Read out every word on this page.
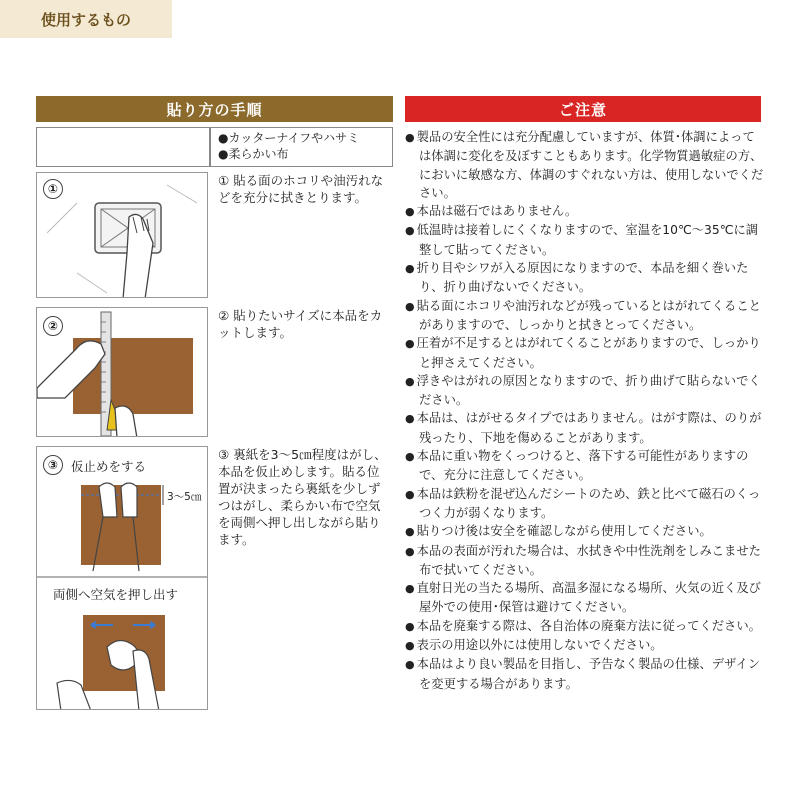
貼り方の手順	ご注意
使用するもの
●カッターナイフやハサミ
●柔らかい布
①
① 貼る面のホコリや油汚れなどを充分に拭きとります。
②
② 貼りたいサイズに本品をカットします。
③	仮止めをする
3～5㎝
両側へ空気を押し出す
③ 裏紙を3～5㎝程度はがし、本品を仮止めします。貼る位置が決まったら裏紙を少しずつはがし、柔らかい布で空気を両側へ押し出しながら貼ります。
● 製品の安全性には充分配慮していますが、体質･体調によっては体調に変化を及ぼすこともあります。化学物質過敏症の方、においに敏感な方、体調のすぐれない方は、使用しないでください。
● 本品は磁石ではありません。
● 低温時は接着しにくくなりますので、室温を10℃～35℃に調整して貼ってください。
● 折り目やシワが入る原因になりますので、本品を細く巻いたり、折り曲げないでください。
● 貼る面にホコリや油汚れなどが残っているとはがれてくることがありますので、しっかりと拭きとってください。
● 圧着が不足するとはがれてくることがありますので、しっかりと押さえてください。
● 浮きやはがれの原因となりますので、折り曲げて貼らないでください。
● 本品は、はがせるタイプではありません。はがす際は、のりが残ったり、下地を傷めることがあります。
● 本品に重い物をくっつけると、落下する可能性がありますので、充分に注意してください。
● 本品は鉄粉を混ぜ込んだシートのため、鉄と比べて磁石のくっつく力が弱くなります。
● 貼りつけ後は安全を確認しながら使用してください。
● 本品の表面が汚れた場合は、水拭きや中性洗剤をしみこませた布で拭いてください。
● 直射日光の当たる場所、高温多湿になる場所、火気の近く及び屋外での使用･保管は避けてください。
● 本品を廃棄する際は、各自治体の廃棄方法に従ってください。
● 表示の用途以外には使用しないでください。
● 本品はより良い製品を目指し、予告なく製品の仕様、デザインを変更する場合があります。
